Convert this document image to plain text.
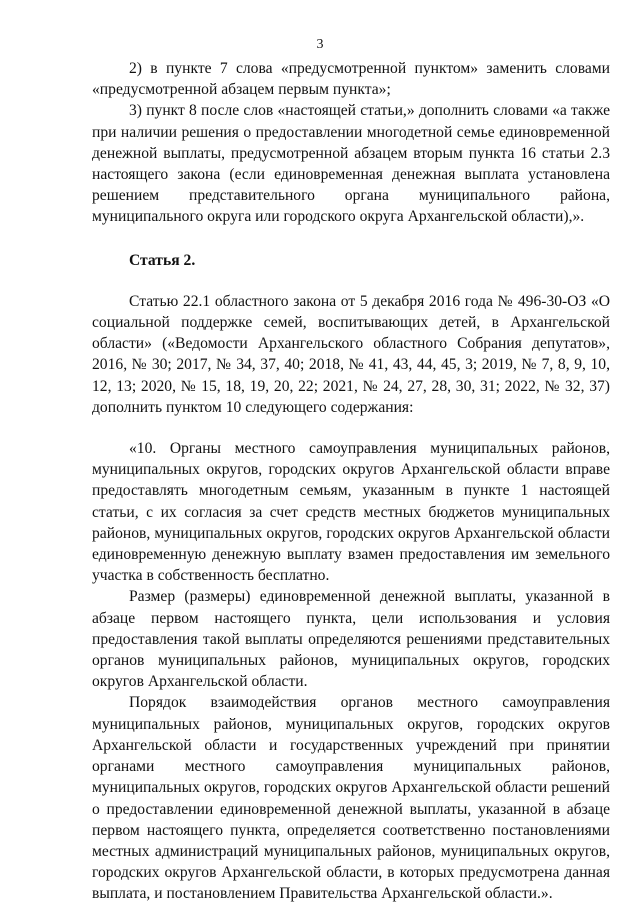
3

2) в пункте 7 слова «предусмотренной пунктом» заменить словами «предусмотренной абзацем первым пункта»;

3) пункт 8 после слов «настоящей статьи,» дополнить словами «а также при наличии решения о предоставлении многодетной семье единовременной денежной выплаты, предусмотренной абзацем вторым пункта 16 статьи 2.3 настоящего закона (если единовременная денежная выплата установлена решением представительного органа муниципального района, муниципального округа или городского округа Архангельской области),».

Статья 2.

Статью 22.1 областного закона от 5 декабря 2016 года № 496-30-ОЗ «О социальной поддержке семей, воспитывающих детей, в Архангельской области» («Ведомости Архангельского областного Собрания депутатов», 2016, № 30; 2017, № 34, 37, 40; 2018, № 41, 43, 44, 45, 3; 2019, № 7, 8, 9, 10, 12, 13; 2020, № 15, 18, 19, 20, 22; 2021, № 24, 27, 28, 30, 31; 2022, № 32, 37) дополнить пунктом 10 следующего содержания:

«10. Органы местного самоуправления муниципальных районов, муниципальных округов, городских округов Архангельской области вправе предоставлять многодетным семьям, указанным в пункте 1 настоящей статьи, с их согласия за счет средств местных бюджетов муниципальных районов, муниципальных округов, городских округов Архангельской области единовременную денежную выплату взамен предоставления им земельного участка в собственность бесплатно.

Размер (размеры) единовременной денежной выплаты, указанной в абзаце первом настоящего пункта, цели использования и условия предоставления такой выплаты определяются решениями представительных органов муниципальных районов, муниципальных округов, городских округов Архангельской области.

Порядок взаимодействия органов местного самоуправления муниципальных районов, муниципальных округов, городских округов Архангельской области и государственных учреждений при принятии органами местного самоуправления муниципальных районов, муниципальных округов, городских округов Архангельской области решений о предоставлении единовременной денежной выплаты, указанной в абзаце первом настоящего пункта, определяется соответственно постановлениями местных администраций муниципальных районов, муниципальных округов, городских округов Архангельской области, в которых предусмотрена данная выплата, и постановлением Правительства Архангельской области.».
